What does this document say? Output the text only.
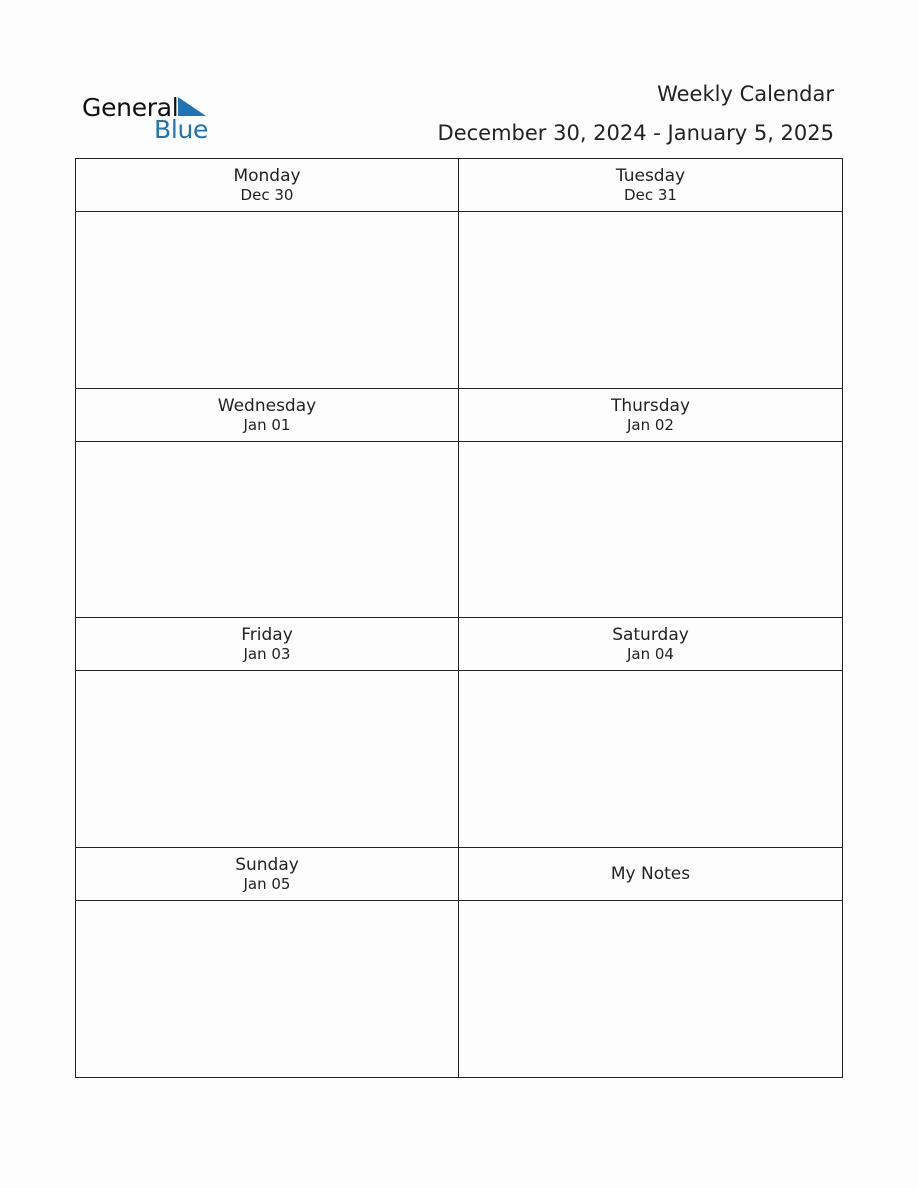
General
Blue
Weekly Calendar
December 30, 2024 - January 5, 2025
Monday
Dec 30
Tuesday
Dec 31
Wednesday
Jan 01
Thursday
Jan 02
Friday
Jan 03
Saturday
Jan 04
Sunday
Jan 05	My Notes
